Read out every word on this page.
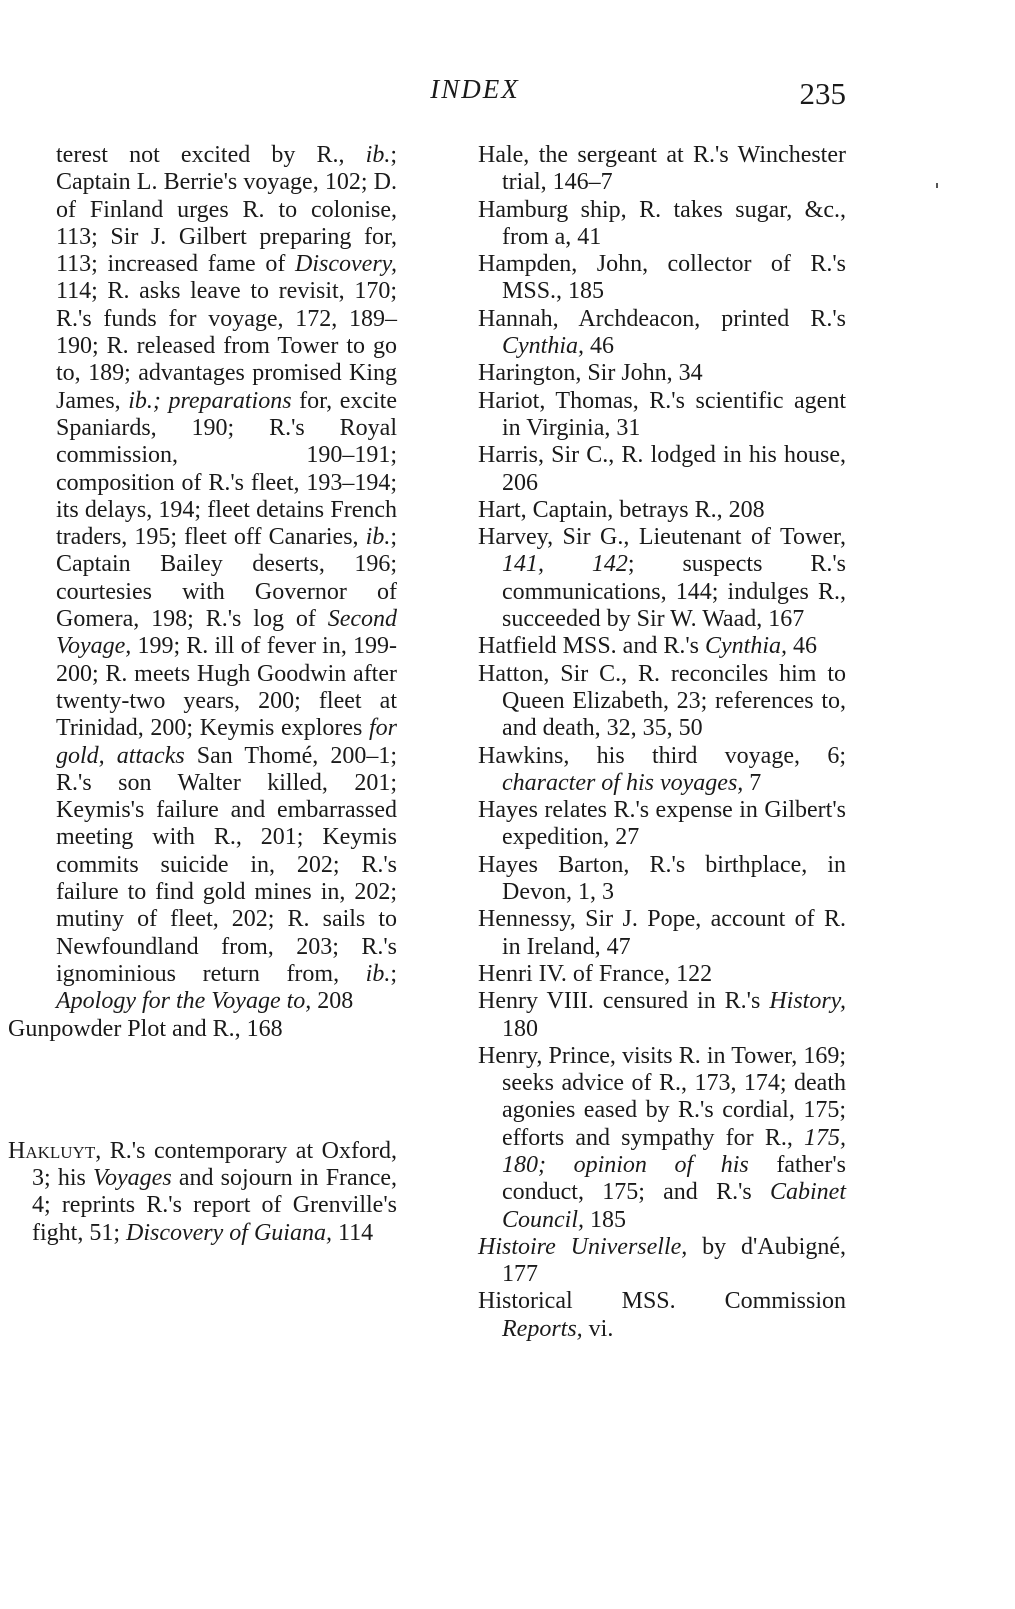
INDEX	235

terest not excited by R., ib.; Captain L. Berrie's voyage, 102; D. of Finland urges R. to colonise, 113; Sir J. Gilbert preparing for, 113; increased fame of Discovery, 114; R. asks leave to revisit, 170; R.'s funds for voyage, 172, 189–190; R. released from Tower to go to, 189; advantages promised King James, ib.; preparations for, excite Spaniards, 190; R.'s Royal commission, 190–191; composition of R.'s fleet, 193–194; its delays, 194; fleet detains French traders, 195; fleet off Canaries, ib.; Captain Bailey deserts, 196; courtesies with Governor of Gomera, 198; R.'s log of Second Voyage, 199; R. ill of fever in, 199-200; R. meets Hugh Goodwin after twenty-two years, 200; fleet at Trinidad, 200; Keymis explores for gold, attacks San Thomé, 200–1; R.'s son Walter killed, 201; Keymis's failure and embarrassed meeting with R., 201; Keymis commits suicide in, 202; R.'s failure to find gold mines in, 202; mutiny of fleet, 202; R. sails to Newfoundland from, 203; R.'s ignominious return from, ib.; Apology for the Voyage to, 208

Gunpowder Plot and R., 168

Hakluyt, R.'s contemporary at Oxford, 3; his Voyages and sojourn in France, 4; reprints R.'s report of Grenville's fight, 51; Discovery of Guiana, 114

Hale, the sergeant at R.'s Winchester trial, 146–7

Hamburg ship, R. takes sugar, &c., from a, 41

Hampden, John, collector of R.'s MSS., 185

Hannah, Archdeacon, printed R.'s Cynthia, 46

Harington, Sir John, 34

Hariot, Thomas, R.'s scientific agent in Virginia, 31

Harris, Sir C., R. lodged in his house, 206

Hart, Captain, betrays R., 208

Harvey, Sir G., Lieutenant of Tower, 141, 142; suspects R.'s communications, 144; indulges R., succeeded by Sir W. Waad, 167

Hatfield MSS. and R.'s Cynthia, 46

Hatton, Sir C., R. reconciles him to Queen Elizabeth, 23; references to, and death, 32, 35, 50

Hawkins, his third voyage, 6; character of his voyages, 7

Hayes relates R.'s expense in Gilbert's expedition, 27

Hayes Barton, R.'s birthplace, in Devon, 1, 3

Hennessy, Sir J. Pope, account of R. in Ireland, 47

Henri IV. of France, 122

Henry VIII. censured in R.'s History, 180

Henry, Prince, visits R. in Tower, 169; seeks advice of R., 173, 174; death agonies eased by R.'s cordial, 175; efforts and sympathy for R., 175, 180; opinion of his father's conduct, 175; and R.'s Cabinet Council, 185

Histoire Universelle, by d'Aubigné, 177

Historical MSS. Commission Reports, vi.
